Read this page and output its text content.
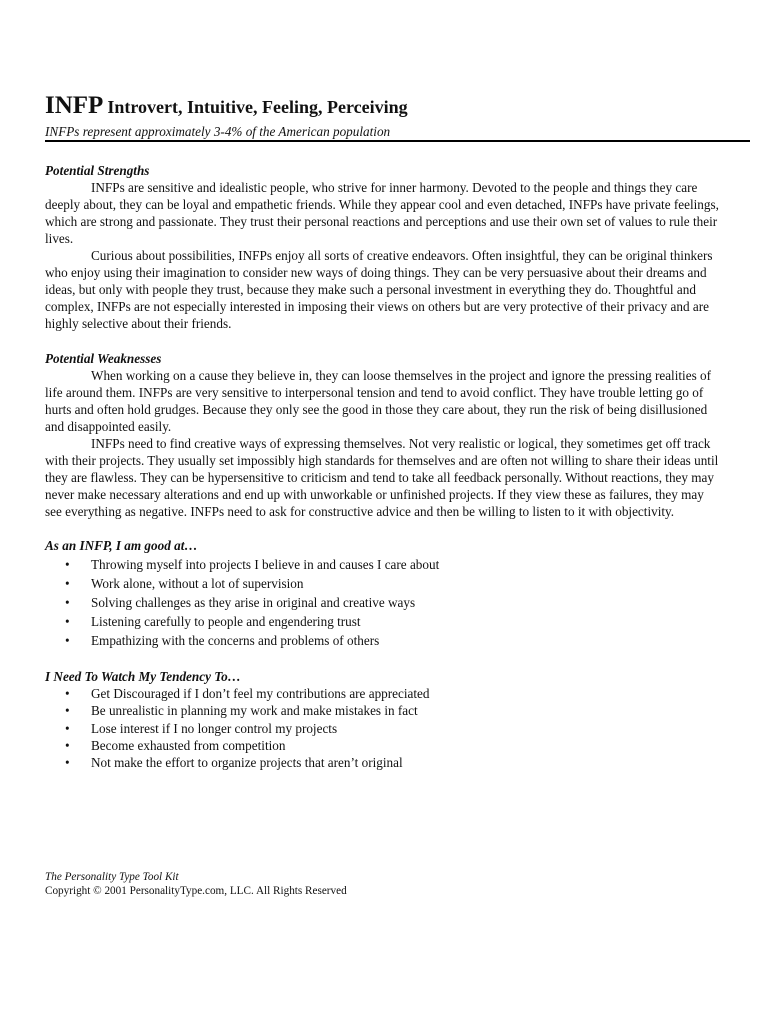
INFP Introvert, Intuitive, Feeling, Perceiving
INFPs represent approximately 3-4% of the American population
Potential Strengths

INFPs are sensitive and idealistic people, who strive for inner harmony. Devoted to the people and things they care deeply about, they can be loyal and empathetic friends. While they appear cool and even detached, INFPs have private feelings, which are strong and passionate. They trust their personal reactions and perceptions and use their own set of values to rule their lives.

Curious about possibilities, INFPs enjoy all sorts of creative endeavors. Often insightful, they can be original thinkers who enjoy using their imagination to consider new ways of doing things. They can be very persuasive about their dreams and ideas, but only with people they trust, because they make such a personal investment in everything they do. Thoughtful and complex, INFPs are not especially interested in imposing their views on others but are very protective of their privacy and are highly selective about their friends.

Potential Weaknesses

When working on a cause they believe in, they can loose themselves in the project and ignore the pressing realities of life around them. INFPs are very sensitive to interpersonal tension and tend to avoid conflict. They have trouble letting go of hurts and often hold grudges. Because they only see the good in those they care about, they run the risk of being disillusioned and disappointed easily.

INFPs need to find creative ways of expressing themselves. Not very realistic or logical, they sometimes get off track with their projects. They usually set impossibly high standards for themselves and are often not willing to share their ideas until they are flawless. They can be hypersensitive to criticism and tend to take all feedback personally. Without reactions, they may never make necessary alterations and end up with unworkable or unfinished projects. If they view these as failures, they may see everything as negative. INFPs need to ask for constructive advice and then be willing to listen to it with objectivity.

As an INFP, I am good at…
• Throwing myself into projects I believe in and causes I care about
• Work alone, without a lot of supervision
• Solving challenges as they arise in original and creative ways
• Listening carefully to people and engendering trust
• Empathizing with the concerns and problems of others
I Need To Watch My Tendency To…
• Get Discouraged if I don’t feel my contributions are appreciated
• Be unrealistic in planning my work and make mistakes in fact
• Lose interest if I no longer control my projects
• Become exhausted from competition
• Not make the effort to organize projects that aren’t original
The Personality Type Tool Kit
Copyright © 2001 PersonalityType.com, LLC. All Rights Reserved
